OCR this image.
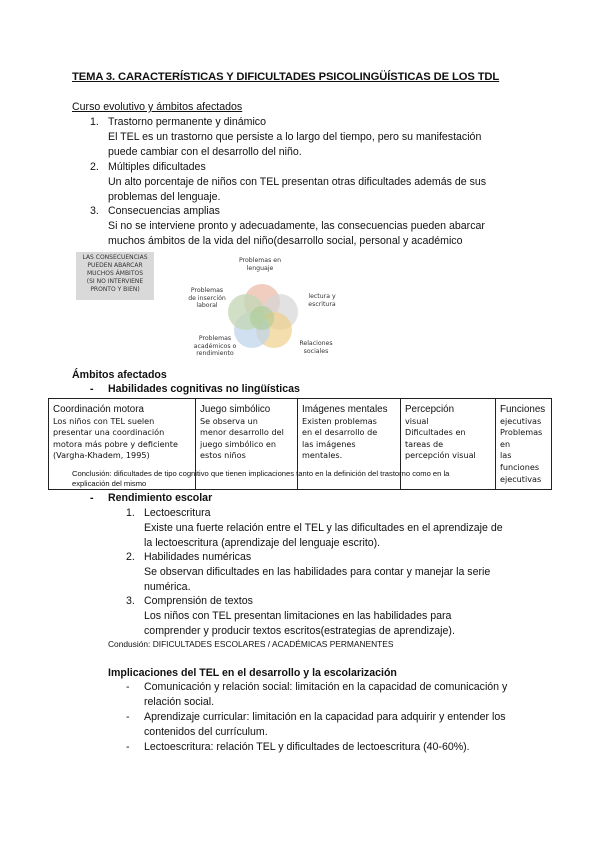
TEMA 3. CARACTERÍSTICAS Y DIFICULTADES PSICOLINGÜÍSTICAS DE LOS TDL
Curso evolutivo y ámbitos afectados
1. Trastorno permanente y dinámico
El TEL es un trastorno que persiste a lo largo del tiempo, pero su manifestación
puede cambiar con el desarrollo del niño.
2. Múltiples dificultades
Un alto porcentaje de niños con TEL presentan otras dificultades además de sus
problemas del lenguaje.
3. Consecuencias amplias
Si no se interviene pronto y adecuadamente, las consecuencias pueden abarcar
muchos ámbitos de la vida del niño(desarrollo social, personal y académico
LAS CONSECUENCIAS
PUEDEN ABARCAR
MUCHOS ÁMBITOS
(SI NO INTERVIENE
PRONTO Y BIEN)
Problemas en
lenguaje
lectura y
escritura
Relaciones
sociales
Problemas
académicos o
rendimiento
Problemas
de inserción
laboral
Ámbitos afectados
- Habilidades cognitivas no lingüísticas
Coordinación motora
Los niños con TEL suelen
presentar una coordinación
motora más pobre y deficiente
(Vargha-Khadem, 1995)

Juego simbólico
Se observa un
menor desarrollo del
juego simbólico en
estos niños

Imágenes mentales
Existen problemas
en el desarrollo de
las imágenes
mentales.

Percepción
visual
Dificultades en
tareas de
percepción visual

Funciones
ejecutivas
Problemas en
las funciones
ejecutivas
Conclusión: dificultades de tipo cognitivo que tienen implicaciones tanto en la definición del trastorno como en la
explicación del mismo
- Rendimiento escolar
1. Lectoescritura
Existe una fuerte relación entre el TEL y las dificultades en el aprendizaje de
la lectoescritura (aprendizaje del lenguaje escrito).
2. Habilidades numéricas
Se observan dificultades en las habilidades para contar y manejar la serie
numérica.
3. Comprensión de textos
Los niños con TEL presentan limitaciones en las habilidades para
comprender y producir textos escritos(estrategias de aprendizaje).
Condusión: DIFICULTADES ESCOLARES / ACADÉMICAS PERMANENTES
Implicaciones del TEL en el desarrollo y la escolarización
- Comunicación y relación social: limitación en la capacidad de comunicación y
relación social.
- Aprendizaje curricular: limitación en la capacidad para adquirir y entender los
contenidos del currículum.
- Lectoescritura: relación TEL y dificultades de lectoescritura (40-60%).
